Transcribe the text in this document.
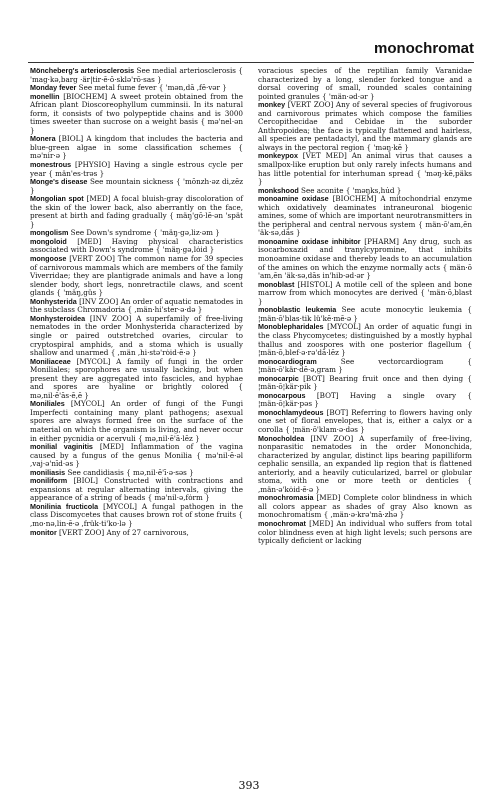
monochromat
Möncheberg's arteriosclerosis See medial arteriosclerosis { 'mag·kə,barg ·är|tir·ē·ō·sklə'rō·sas }
Monday fever See metal fume fever { 'mən,dā ,fē·vər }
monellin [BIOCHEM] A sweet protein obtained from the African plant Dioscoreophyllum cumminsii. In its natural form, it consists of two polypeptide chains and is 3000 times sweeter than sucrose on a weight basis { mə'nel·ən }
Monera [BIOL] A kingdom that includes the bacteria and blue-green algae in some classification schemes { mə'nir·ə }
monestrous [PHYSIO] Having a single estrous cycle per year { män'es·trəs }
Monge's disease See mountain sickness { 'mōnzh·əz di,zēz }
Mongolian spot [MED] A focal bluish-gray discoloration of the skin of the lower back, also aberrantly on the face, present at birth and fading gradually { mäŋ'gō·lē·ən 'spät }
mongolism See Down's syndrome { 'mäŋ·gə,liz·əm }
mongoloid [MED] Having physical characteristics associated with Down's syndrome { 'mäŋ·gə,lȯid }
mongoose [VERT ZOO] The common name for 39 species of carnivorous mammals which are members of the family Viverridae; they are plantigrade animals and have a long slender body, short legs, nonretractile claws, and scent glands { 'mäŋ,güs }
Monhysterida [INV ZOO] An order of aquatic nematodes in the subclass Chromadoria { ,män·hi'ster·ə·də }
Monhysteroidea [INV ZOO] A superfamily of free-living nematodes in the order Monhysterida characterized by single or paired outstretched ovaries, circular to cryptospiral amphids, and a stoma which is usually shallow and unarmed { ,män ,hi·stə'rȯid·ē·ə }
Moniliaceae [MYCOL] A family of fungi in the order Moniliales; sporophores are usually lacking, but when present they are aggregated into fascicles, and hyphae and spores are hyaline or brightly colored { mə,nil·ē'ās·ē,ē }
Moniliales [MYCOL] An order of fungi of the Fungi Imperfecti containing many plant pathogens; asexual spores are always formed free on the surface of the material on which the organism is living, and never occur in either pycnidia or acervuli { mə,nil·ē'ā·lēz }
monilial vaginitis [MED] Inflammation of the vagina caused by a fungus of the genus Monilia { mə'nil·ē·əl ,vaj·ə'nīd·əs }
moniliasis See candidiasis { mə,nil·ē'ī·ə·səs }
moniliform [BIOL] Constructed with contractions and expansions at regular alternating intervals, giving the appearance of a string of beads { mə'nil·ə,fȯrm }
Monilinia fructicola [MYCOL] A fungal pathogen in the class Discomycetes that causes brown rot of stone fruits { ,mo·nə,lin·ē·ə ,frük·ti'ko·lə }
monitor [VERT ZOO] Any of 27 carnivorous,
voracious species of the reptilian family Varanidae characterized by a long, slender forked tongue and a dorsal covering of small, rounded scales containing pointed granules { 'män·əd·ər }
monkey [VERT ZOO] Any of several species of frugivorous and carnivorous primates which compose the families Cercopithecidae and Cebidae in the suborder Anthropoidea; the face is typically flattened and hairless, all species are pentadactyl, and the mammary glands are always in the pectoral region { 'məŋ·kē }
monkeypox [VET MED] An animal virus that causes a smallpox-like eruption but only rarely infects humans and has little potential for interhuman spread { 'məŋ·kē,päks }
monkshood See aconite { 'məŋks,hu̇d }
monoamine oxidase [BIOCHEM] A mitochondrial enzyme which oxidatively deaminates intraneuronal biogenic amines, some of which are important neurotransmitters in the peripheral and central nervous system { män·ō'am,ēn 'äk·sə,dās }
monoamine oxidase inhibitor [PHARM] Any drug, such as isocarboxazid and tranylcypromine, that inhibits monoamine oxidase and thereby leads to an accumulation of the amines on which the enzyme normally acts { män·ō 'am,ēn 'äk·sə,dās in'hib·əd·ər }
monoblast [HISTOL] A motile cell of the spleen and bone marrow from which monocytes are derived { 'män·ō,blast }
monoblastic leukemia See acute monocytic leukemia { ¦män·ō'blas·tik lü'kē·mē·ə }
Monoblepharidales [MYCOL] An order of aquatic fungi in the class Phycomycetes; distinguished by a mostly hyphal thallus and zoospores with one posterior flagellum { ¦män·ō,blef·ə·rə'dā·lēz }
monocardiogram	See vectorcardiogram { ¦män·ō'kär·dē·ə,gram }
monocarpic [BOT] Bearing fruit once and then dying { ¦män·ō¦kär·pik }
monocarpous [BOT] Having a single ovary { ¦män·ō¦kär·pəs }
monochlamydeous [BOT] Referring to flowers having only one set of floral envelopes, that is, either a calyx or a corolla { ¦män·ō'klam·ə·dəs }
Monocholdea [INV ZOO] A superfamily of free-living, nonparasitic nematodes in the order Mononchida, characterized by angular, distinct lips bearing papilliform cephalic sensilla, an expanded lip region that is flattened anteriorly, and a heavily cuticularized, barrel or globular stoma, with one or more teeth or denticles { ,män·ə'kȯid·ē·ə }
monochromasia [MED] Complete color blindness in which all colors appear as shades of gray Also known as monochromatism { ,män·ə·krə'mā·zhə }
monochromat [MED] An individual who suffers from total color blindness even at high light levels; such persons are typically deficient or lacking
393
